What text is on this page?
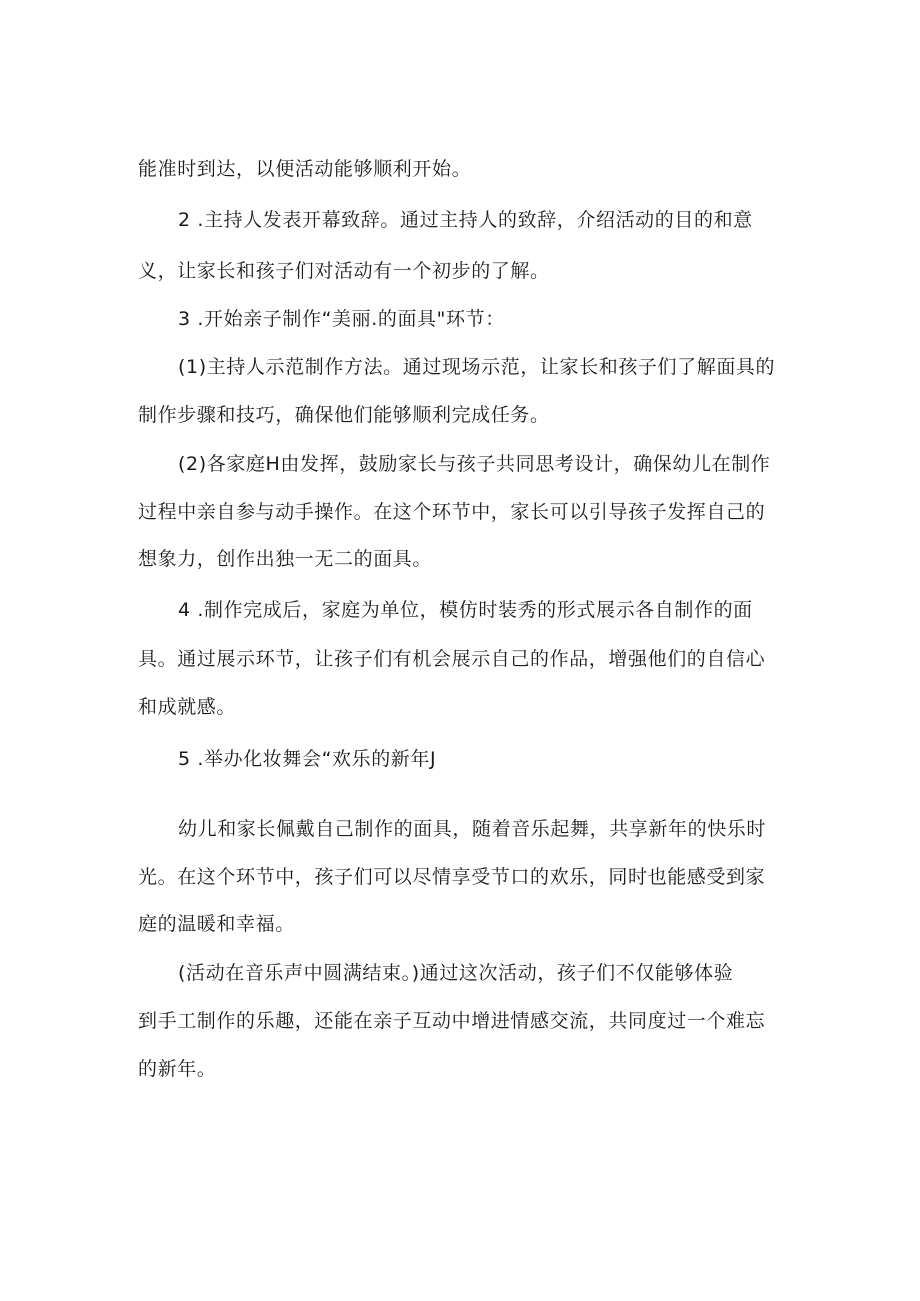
能准时到达，以便活动能够顺利开始。
2 .主持人发表开幕致辞。通过主持人的致辞，介绍活动的目的和意
义，让家长和孩子们对活动有一个初步的了解。
3 .开始亲子制作“美丽.的面具"环节：
(1)主持人示范制作方法。通过现场示范，让家长和孩子们了解面具的
制作步骤和技巧，确保他们能够顺利完成任务。
(2)各家庭H由发挥，鼓励家长与孩子共同思考设计，确保幼儿在制作
过程中亲自参与动手操作。在这个环节中，家长可以引导孩子发挥自己的
想象力，创作出独一无二的面具。
4 .制作完成后，家庭为单位，模仿时装秀的形式展示各自制作的面
具。通过展示环节，让孩子们有机会展示自己的作品，增强他们的自信心
和成就感。
5 .举办化妆舞会“欢乐的新年J
幼儿和家长佩戴自己制作的面具，随着音乐起舞，共享新年的快乐时
光。在这个环节中，孩子们可以尽情享受节口的欢乐，同时也能感受到家
庭的温暖和幸福。
(活动在音乐声中圆满结束。)通过这次活动，孩子们不仅能够体验
到手工制作的乐趣，还能在亲子互动中增进情感交流，共同度过一个难忘
的新年。
